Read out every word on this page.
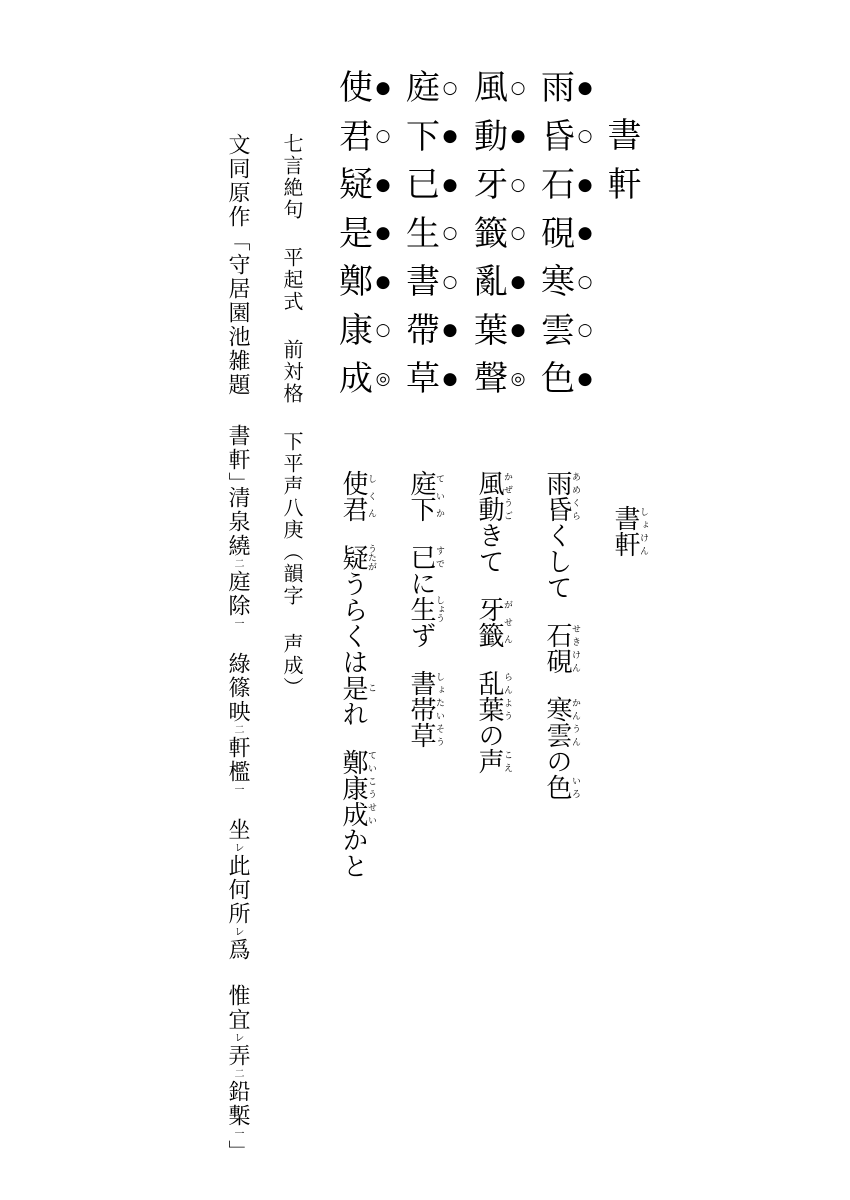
書軒
雨 ●
昏 ○
石 ●
硯 ●
寒 ○
雲 ○
色 ●
風 ○
動 ●
牙 ○
籤 ○
亂 ●
葉 ●
聲 ◎
庭 ○
下 ●
已 ●
生 ○
書 ○
帶 ●
草 ●
使 ●
君 ○
疑 ●
是 ●
鄭 ●
康 ○
成 ◎
七言絶句 平起式 前対格 下平声八庚（韻字 声成）	書軒しょけん
雨昏あめくらくして石硯せきけん寒雲かんうんの色いろ
風動かぜうごきて牙籤がせん乱葉らんようの声こえ
庭下ていか已すでに生しょうず書帯草しょたいそう
使君しくん疑うたがうらくは是これ鄭康成ていこうせいかと
文同原作「守居園池雑題 書軒」
清泉繞二庭除一綠篠映二軒檻一坐レ此何所レ爲惟宜レ弄二鉛槧一」
